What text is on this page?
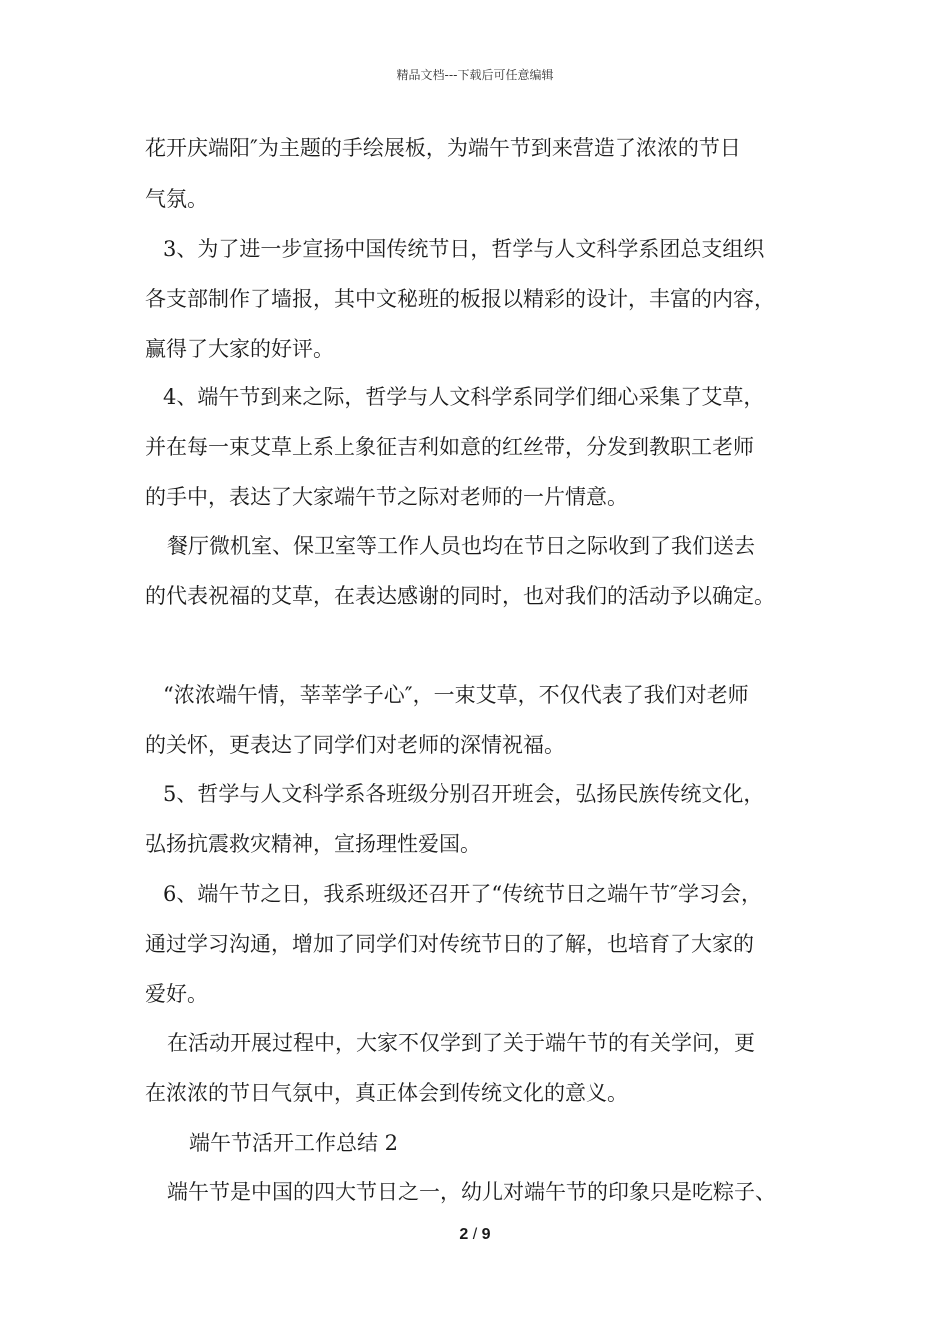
精品文档---下载后可任意编辑
花开庆端阳″为主题的手绘展板，为端午节到来营造了浓浓的节日
气氛。
3、为了进一步宣扬中国传统节日，哲学与人文科学系团总支组织
各支部制作了墙报，其中文秘班的板报以精彩的设计，丰富的内容，
赢得了大家的好评。
4、端午节到来之际，哲学与人文科学系同学们细心采集了艾草，
并在每一束艾草上系上象征吉利如意的红丝带，分发到教职工老师
的手中，表达了大家端午节之际对老师的一片情意。
餐厅微机室、保卫室等工作人员也均在节日之际收到了我们送去
的代表祝福的艾草，在表达感谢的同时，也对我们的活动予以确定。
“浓浓端午情，莘莘学子心″，一束艾草，不仅代表了我们对老师
的关怀，更表达了同学们对老师的深情祝福。
5、哲学与人文科学系各班级分别召开班会，弘扬民族传统文化，
弘扬抗震救灾精神，宣扬理性爱国。
6、端午节之日，我系班级还召开了“传统节日之端午节″学习会，
通过学习沟通，增加了同学们对传统节日的了解，也培育了大家的
爱好。
在活动开展过程中，大家不仅学到了关于端午节的有关学问，更
在浓浓的节日气氛中，真正体会到传统文化的意义。
端午节活开工作总结 2
端午节是中国的四大节日之一，幼儿对端午节的印象只是吃粽子、
2 / 9
